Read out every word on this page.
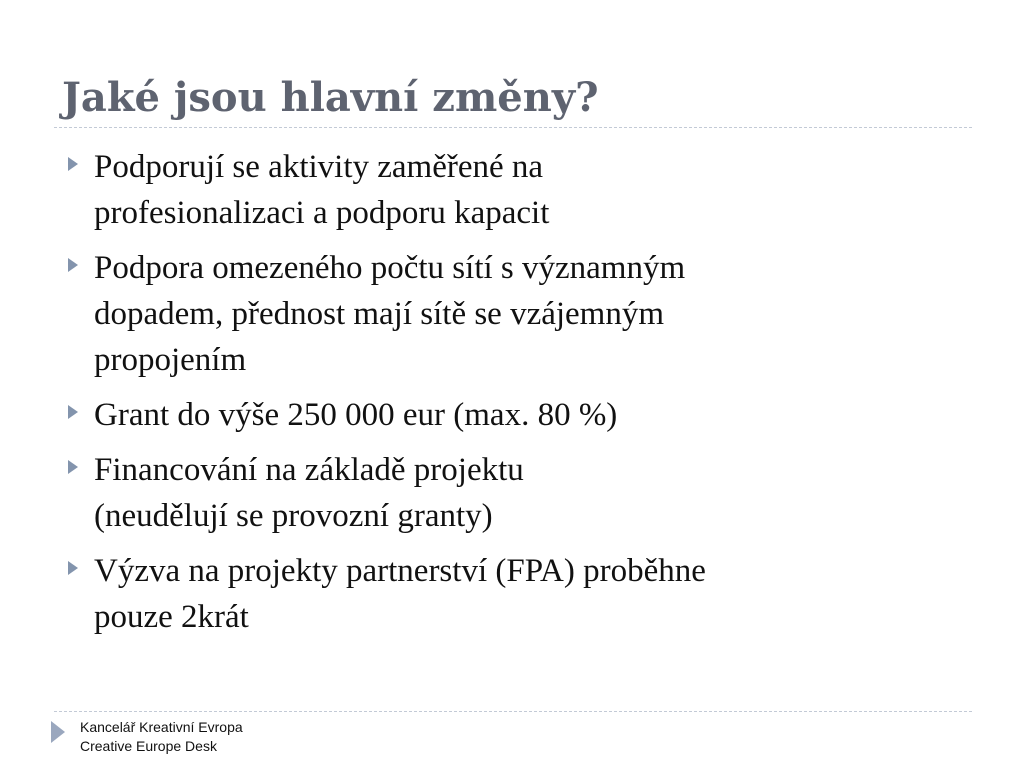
Jaké jsou hlavní změny?
Podporují se aktivity zaměřené na
profesionalizaci a podporu kapacit
Podpora omezeného počtu sítí s významným
dopadem, přednost mají sítě se vzájemným
propojením
Grant do výše 250 000 eur (max. 80 %)
Financování na základě projektu
(neudělují se provozní granty)
Výzva na projekty partnerství (FPA) proběhne
pouze 2krát
Kancelář Kreativní Evropa
Creative Europe Desk
